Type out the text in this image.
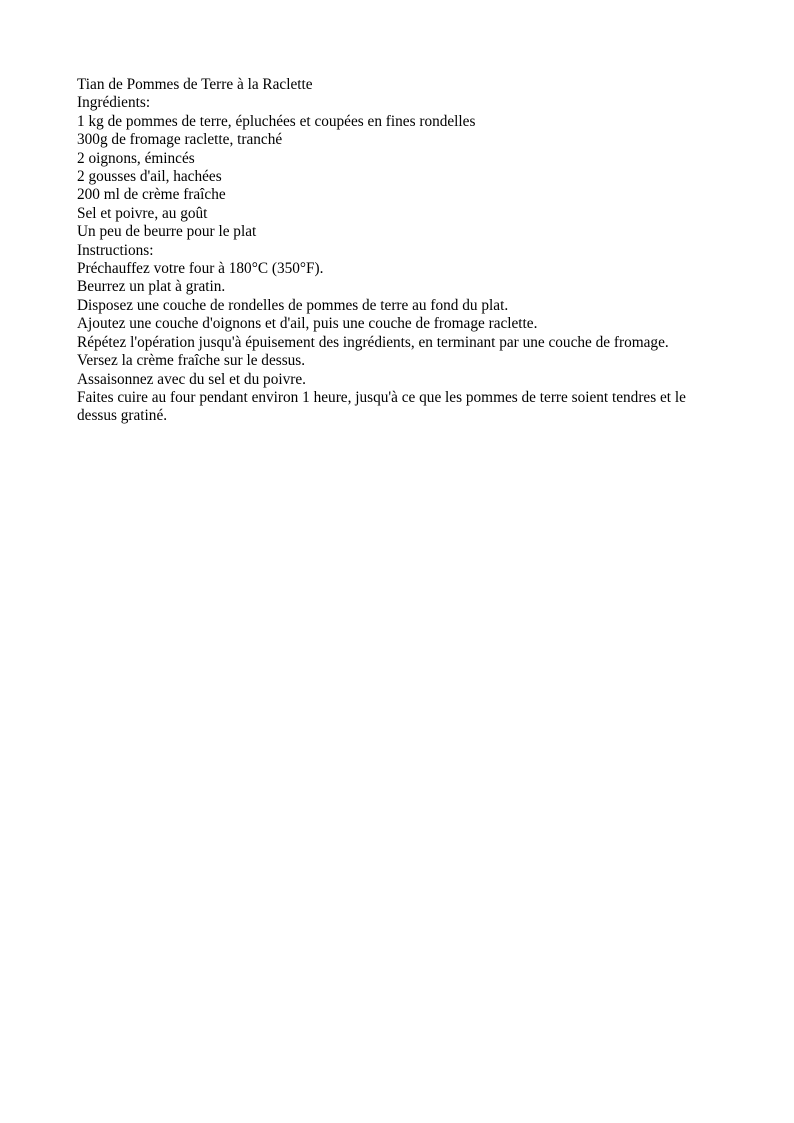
Tian de Pommes de Terre à la Raclette

Ingrédients:

1 kg de pommes de terre, épluchées et coupées en fines rondelles

300g de fromage raclette, tranché

2 oignons, émincés

2 gousses d'ail, hachées

200 ml de crème fraîche

Sel et poivre, au goût

Un peu de beurre pour le plat

Instructions:

Préchauffez votre four à 180°C (350°F).

Beurrez un plat à gratin.

Disposez une couche de rondelles de pommes de terre au fond du plat.

Ajoutez une couche d'oignons et d'ail, puis une couche de fromage raclette.

Répétez l'opération jusqu'à épuisement des ingrédients, en terminant par une couche de fromage.

Versez la crème fraîche sur le dessus.

Assaisonnez avec du sel et du poivre.

Faites cuire au four pendant environ 1 heure, jusqu'à ce que les pommes de terre soient tendres et le dessus gratiné.
